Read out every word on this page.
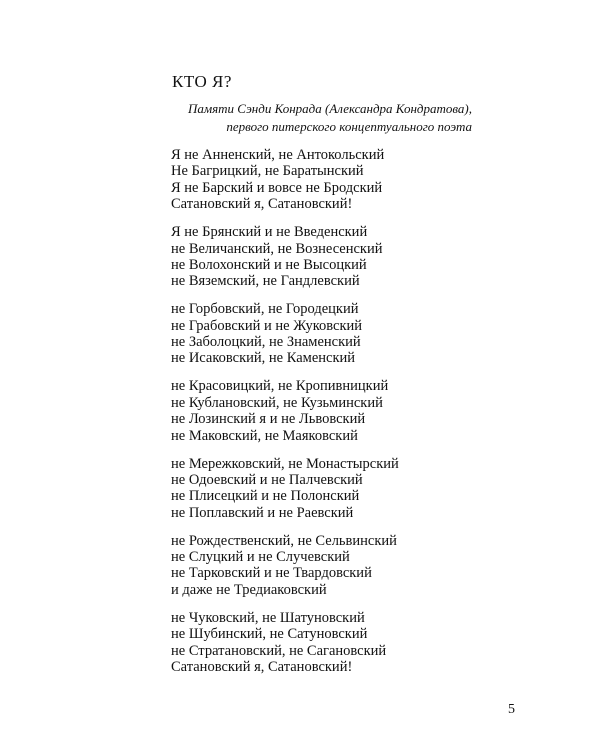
КТО Я?
Памяти Сэнди Конрада (Александра Кондратова),
первого питерского концептуального поэта
Я не Анненский, не Антокольский
Не Багрицкий, не Баратынский
Я не Барский и вовсе не Бродский
Сатановский я, Сатановский!
Я не Брянский и не Введенский
не Величанский, не Вознесенский
не Волохонский и не Высоцкий
не Вяземский, не Гандлевский
не Горбовский, не Городецкий
не Грабовский и не Жуковский
не Заболоцкий, не Знаменский
не Исаковский, не Каменский
не Красовицкий, не Кропивницкий
не Кублановский, не Кузьминский
не Лозинский я и не Львовский
не Маковский, не Маяковский
не Мережковский, не Монастырский
не Одоевский и не Палчевский
не Плисецкий и не Полонский
не Поплавский и не Раевский
не Рождественский, не Сельвинский
не Слуцкий и не Случевский
не Тарковский и не Твардовский
и даже не Тредиаковский
не Чуковский, не Шатуновский
не Шубинский, не Сатуновский
не Стратановский, не Сагановский
Сатановский я, Сатановский!
5
